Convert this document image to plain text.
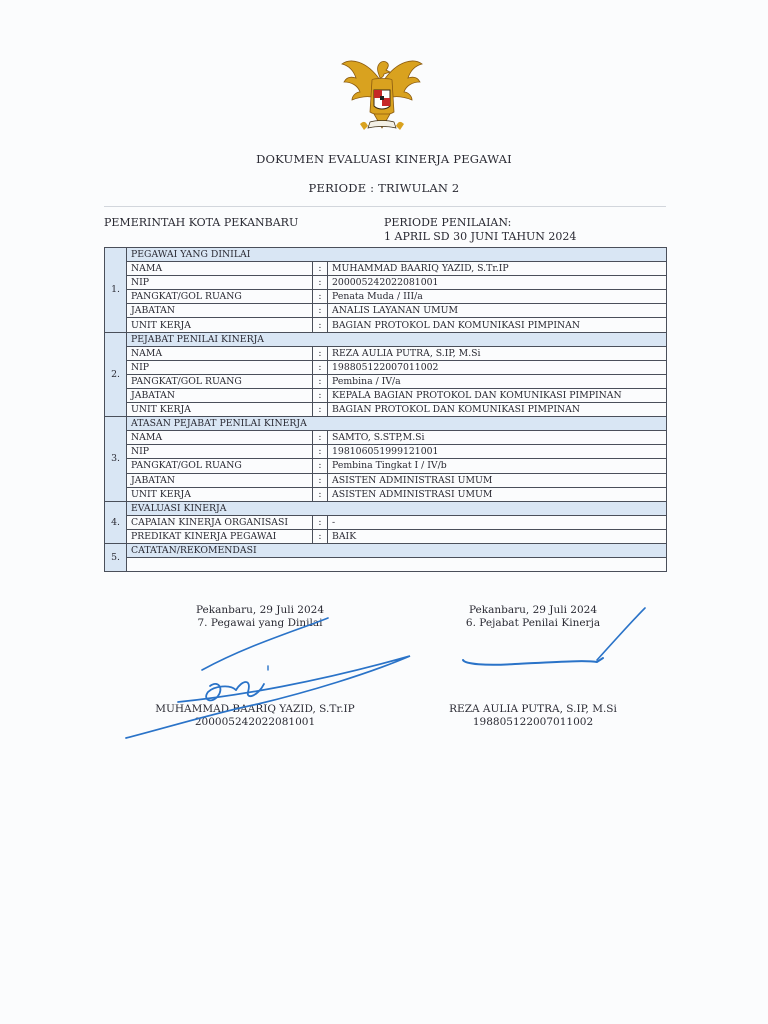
DOKUMEN EVALUASI KINERJA PEGAWAI
PERIODE : TRIWULAN 2
PEMERINTAH KOTA PEKANBARU	PERIODE PENILAIAN:
1 APRIL SD 30 JUNI TAHUN 2024
1.	PEGAWAI YANG DINILAI		
	NAMA	:	MUHAMMAD BAARIQ YAZID, S.Tr.IP
	NIP	:	200005242022081001
	PANGKAT/GOL RUANG	:	Penata Muda / III/a
	JABATAN	:	ANALIS LAYANAN UMUM
	UNIT KERJA	:	BAGIAN PROTOKOL DAN KOMUNIKASI PIMPINAN
2.	PEJABAT PENILAI KINERJA		
	NAMA	:	REZA AULIA PUTRA, S.IP, M.Si
	NIP	:	198805122007011002
	PANGKAT/GOL RUANG	:	Pembina / IV/a
	JABATAN	:	KEPALA BAGIAN PROTOKOL DAN KOMUNIKASI PIMPINAN
	UNIT KERJA	:	BAGIAN PROTOKOL DAN KOMUNIKASI PIMPINAN
3.	ATASAN PEJABAT PENILAI KINERJA		
	NAMA	:	SAMTO, S.STP,M.Si
	NIP	:	198106051999121001
	PANGKAT/GOL RUANG	:	Pembina Tingkat I / IV/b
	JABATAN	:	ASISTEN ADMINISTRASI UMUM
	UNIT KERJA	:	ASISTEN ADMINISTRASI UMUM
4.	EVALUASI KINERJA		
	CAPAIAN KINERJA ORGANISASI	:	-
	PREDIKAT KINERJA PEGAWAI	:	BAIK
5.	CATATAN/REKOMENDASI		

Pekanbaru, 29 Juli 2024
7. Pegawai yang Dinilai
MUHAMMAD BAARIQ YAZID, S.Tr.IP
200005242022081001
Pekanbaru, 29 Juli 2024
6. Pejabat Penilai Kinerja
REZA AULIA PUTRA, S.IP, M.Si
198805122007011002
